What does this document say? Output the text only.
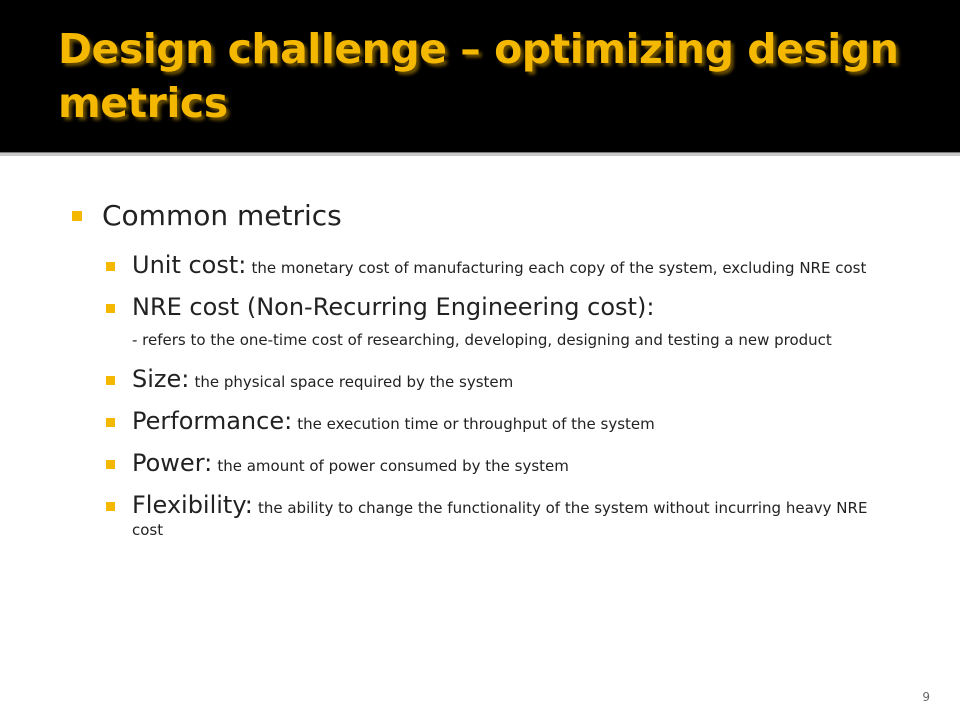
Design challenge – optimizing design metrics
Common metrics
Unit cost: the monetary cost of manufacturing each copy of the system, excluding NRE cost
NRE cost (Non-Recurring Engineering cost):
- refers to the one-time cost of researching, developing, designing and testing a new product
Size: the physical space required by the system
Performance: the execution time or throughput of the system
Power: the amount of power consumed by the system
Flexibility: the ability to change the functionality of the system without incurring heavy NRE cost
9
